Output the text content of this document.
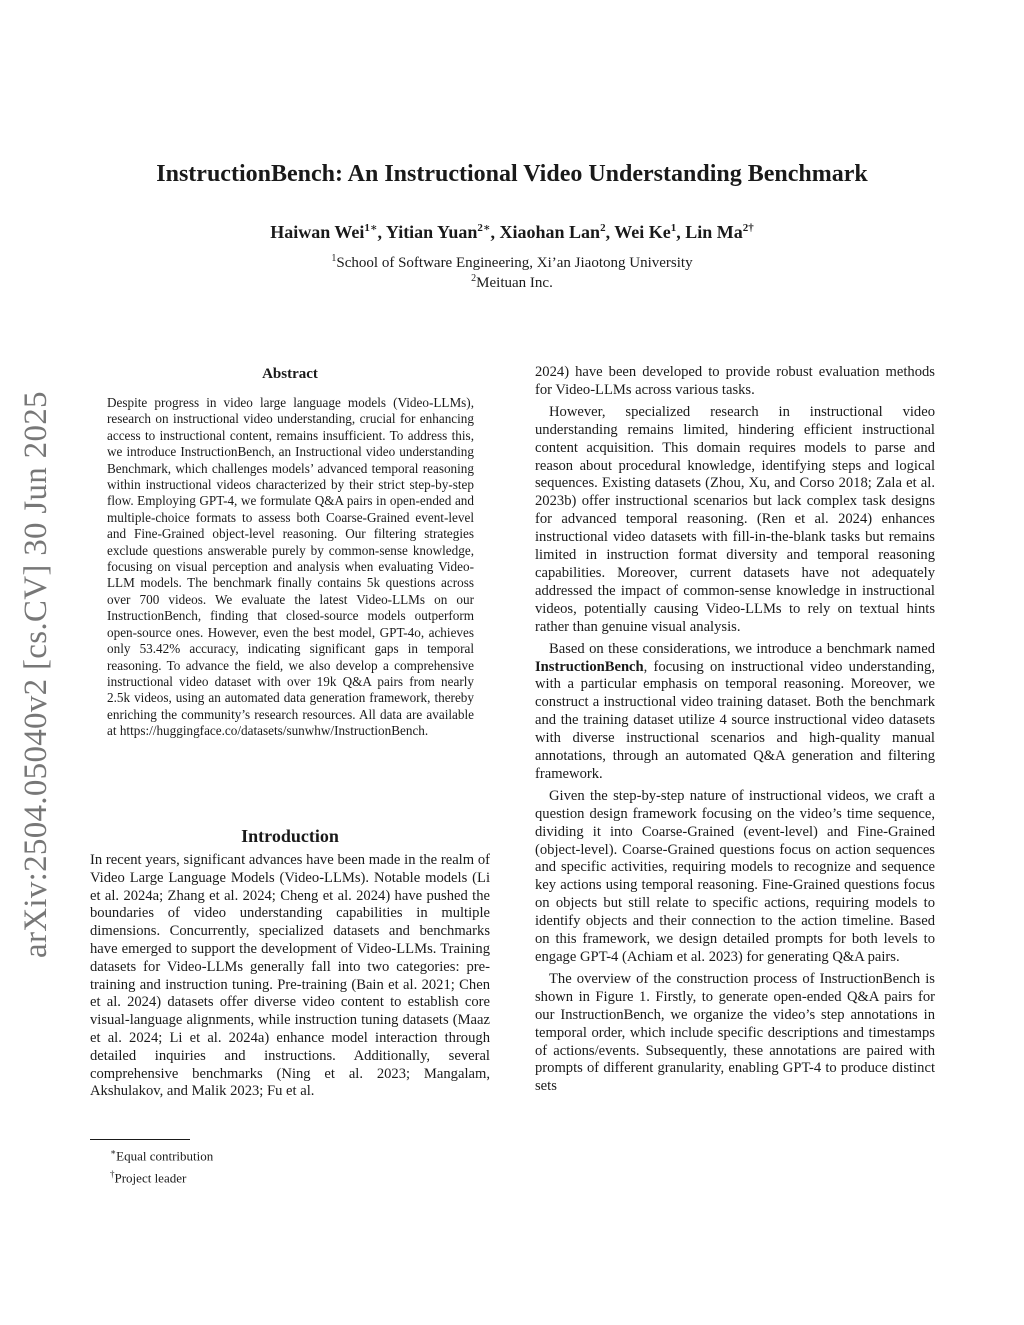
arXiv:2504.05040v2 [cs.CV] 30 Jun 2025
InstructionBench: An Instructional Video Understanding Benchmark
Haiwan Wei$^{1∗}$, Yitian Yuan$^{2∗}$, Xiaohan Lan$^2$, Wei Ke$^1$, Lin $Ma^{2\dagger}$
$^1$School of Software Engineering, Xi’an Jiaotong University
$^2$Meituan Inc.
Abstract
Despite progress in video large language models (Video-LLMs), research on instructional video understanding, crucial for enhancing access to instructional content, remains insufficient. To address this, we introduce InstructionBench, an Instructional video understanding Benchmark, which challenges models’ advanced temporal reasoning within instructional videos characterized by their strict step-by-step flow. Employing GPT-4, we formulate Q&A pairs in open-ended and multiple-choice formats to assess both Coarse-Grained event-level and Fine-Grained object-level reasoning. Our filtering strategies exclude questions answerable purely by common-sense knowledge, focusing on visual perception and analysis when evaluating Video-LLM models. The benchmark finally contains 5k questions across over 700 videos. We evaluate the latest Video-LLMs on our InstructionBench, finding that closed-source models outperform open-source ones. However, even the best model, GPT-4o, achieves only 53.42% accuracy, indicating significant gaps in temporal reasoning. To advance the field, we also develop a comprehensive instructional video dataset with over 19k Q&A pairs from nearly 2.5k videos, using an automated data generation framework, thereby enriching the community’s research resources. All data are available at https://huggingface.co/datasets/sunwhw/InstructionBench.
Introduction
In recent years, significant advances have been made in the realm of Video Large Language Models (Video-LLMs). Notable models (Li et al. 2024a; Zhang et al. 2024; Cheng et al. 2024) have pushed the boundaries of video understanding capabilities in multiple dimensions. Concurrently, specialized datasets and benchmarks have emerged to support the development of Video-LLMs. Training datasets for Video-LLMs generally fall into two categories: pre-training and instruction tuning. Pre-training (Bain et al. 2021; Chen et al. 2024) datasets offer diverse video content to establish core visual-language alignments, while instruction tuning datasets (Maaz et al. 2024; Li et al. 2024a) enhance model interaction through detailed inquiries and instructions. Additionally, several comprehensive benchmarks (Ning et al. 2023; Mangalam, Akshulakov, and Malik 2023; Fu et al.

2024) have been developed to provide robust evaluation methods for Video-LLMs across various tasks.

However, specialized research in instructional video understanding remains limited, hindering efficient instructional content acquisition. This domain requires models to parse and reason about procedural knowledge, identifying steps and logical sequences. Existing datasets (Zhou, Xu, and Corso 2018; Zala et al. 2023b) offer instructional scenarios but lack complex task designs for advanced temporal reasoning. (Ren et al. 2024) enhances instructional video datasets with fill-in-the-blank tasks but remains limited in instruction format diversity and temporal reasoning capabilities. Moreover, current datasets have not adequately addressed the impact of common-sense knowledge in instructional videos, potentially causing Video-LLMs to rely on textual hints rather than genuine visual analysis.

Based on these considerations, we introduce a benchmark named InstructionBench, focusing on instructional video understanding, with a particular emphasis on temporal reasoning. Moreover, we construct a instructional video training dataset. Both the benchmark and the training dataset utilize 4 source instructional video datasets with diverse instructional scenarios and high-quality manual annotations, through an automated Q&A generation and filtering framework.

Given the step-by-step nature of instructional videos, we craft a question design framework focusing on the video’s time sequence, dividing it into Coarse-Grained (event-level) and Fine-Grained (object-level). Coarse-Grained questions focus on action sequences and specific activities, requiring models to recognize and sequence key actions using temporal reasoning. Fine-Grained questions focus on objects but still relate to specific actions, requiring models to identify objects and their connection to the action timeline. Based on this framework, we design detailed prompts for both levels to engage GPT-4 (Achiam et al. 2023) for generating Q&A pairs.

The overview of the construction process of InstructionBench is shown in Figure 1. Firstly, to generate open-ended Q&A pairs for our InstructionBench, we organize the video’s step annotations in temporal order, which include specific descriptions and timestamps of actions/events. Subsequently, these annotations are paired with prompts of different granularity, enabling GPT-4 to produce distinct sets

∗Equal contribution
†Project leader
